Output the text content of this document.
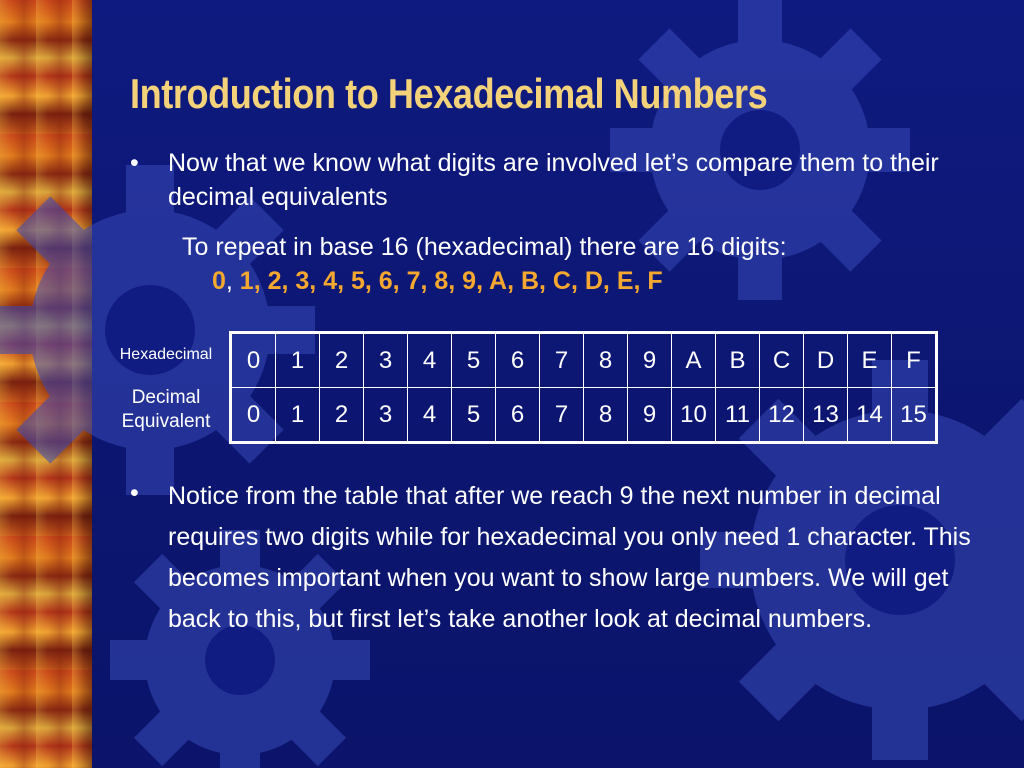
Introduction to Hexadecimal Numbers
•	Now that we know what digits are involved let’s compare them to their decimal equivalents
To repeat in base 16 (hexadecimal) there are 16 digits:
0, 1, 2, 3, 4, 5, 6, 7, 8, 9, A, B, C, D, E, F
Hexadecimal
Decimal Equivalent
0	1	2	3	4	5	6	7	8	9	A	B	C	D	E	F
0	1	2	3	4	5	6	7	8	9	10	11	12	13	14	15
•	Notice from the table that after we reach 9 the next number in decimal requires two digits while for hexadecimal you only need 1 character. This becomes important when you want to show large numbers. We will get back to this, but first let’s take another look at decimal numbers.
